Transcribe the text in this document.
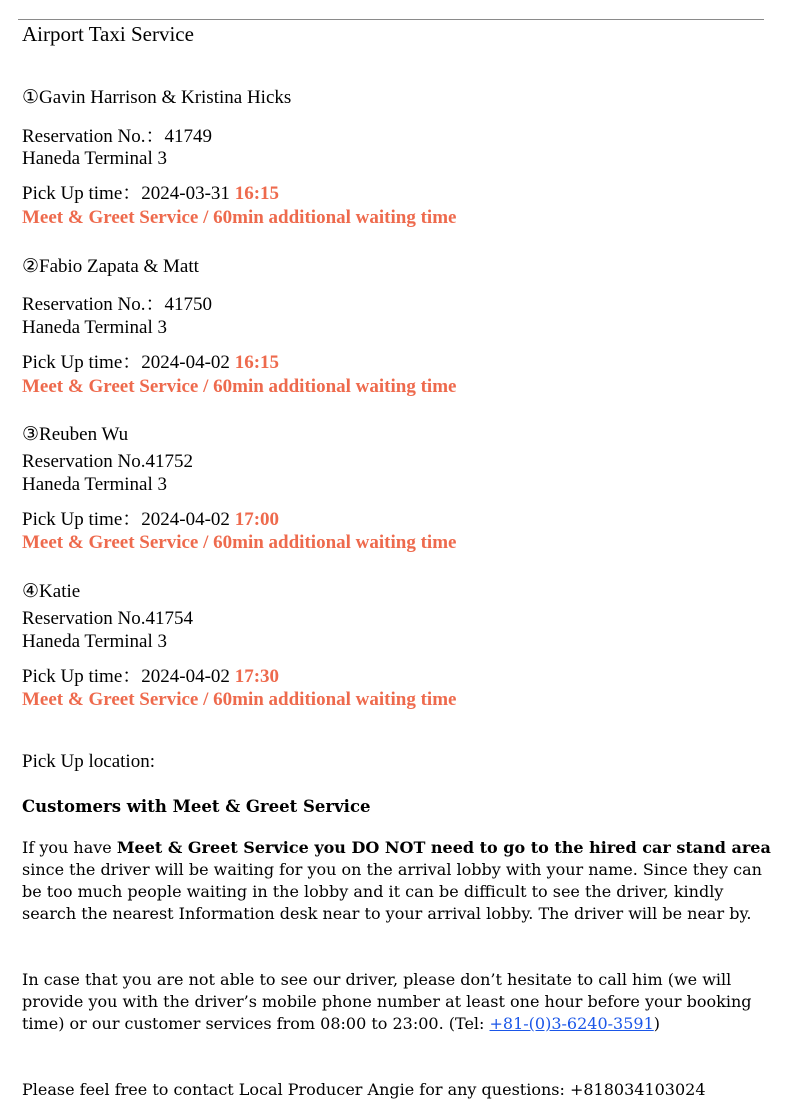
Airport Taxi Service
①Gavin Harrison & Kristina Hicks
Reservation No.：41749
Haneda Terminal 3
Pick Up time：2024-03-31 16:15
Meet & Greet Service / 60min additional waiting time
②Fabio Zapata & Matt
Reservation No.：41750
Haneda Terminal 3
Pick Up time：2024-04-02 16:15
Meet & Greet Service / 60min additional waiting time
③Reuben Wu
Reservation No.41752
Haneda Terminal 3
Pick Up time：2024-04-02 17:00
Meet & Greet Service / 60min additional waiting time
④Katie
Reservation No.41754
Haneda Terminal 3
Pick Up time：2024-04-02 17:30
Meet & Greet Service / 60min additional waiting time
Pick Up location:
Customers with Meet & Greet Service
If you have Meet & Greet Service you DO NOT need to go to the hired car stand area since the driver will be waiting for you on the arrival lobby with your name. Since they can be too much people waiting in the lobby and it can be difficult to see the driver, kindly search the nearest Information desk near to your arrival lobby. The driver will be near by.
In case that you are not able to see our driver, please don’t hesitate to call him (we will provide you with the driver’s mobile phone number at least one hour before your booking time) or our customer services from 08:00 to 23:00. (Tel: +81-(0)3-6240-3591)
Please feel free to contact Local Producer Angie for any questions: +818034103024
